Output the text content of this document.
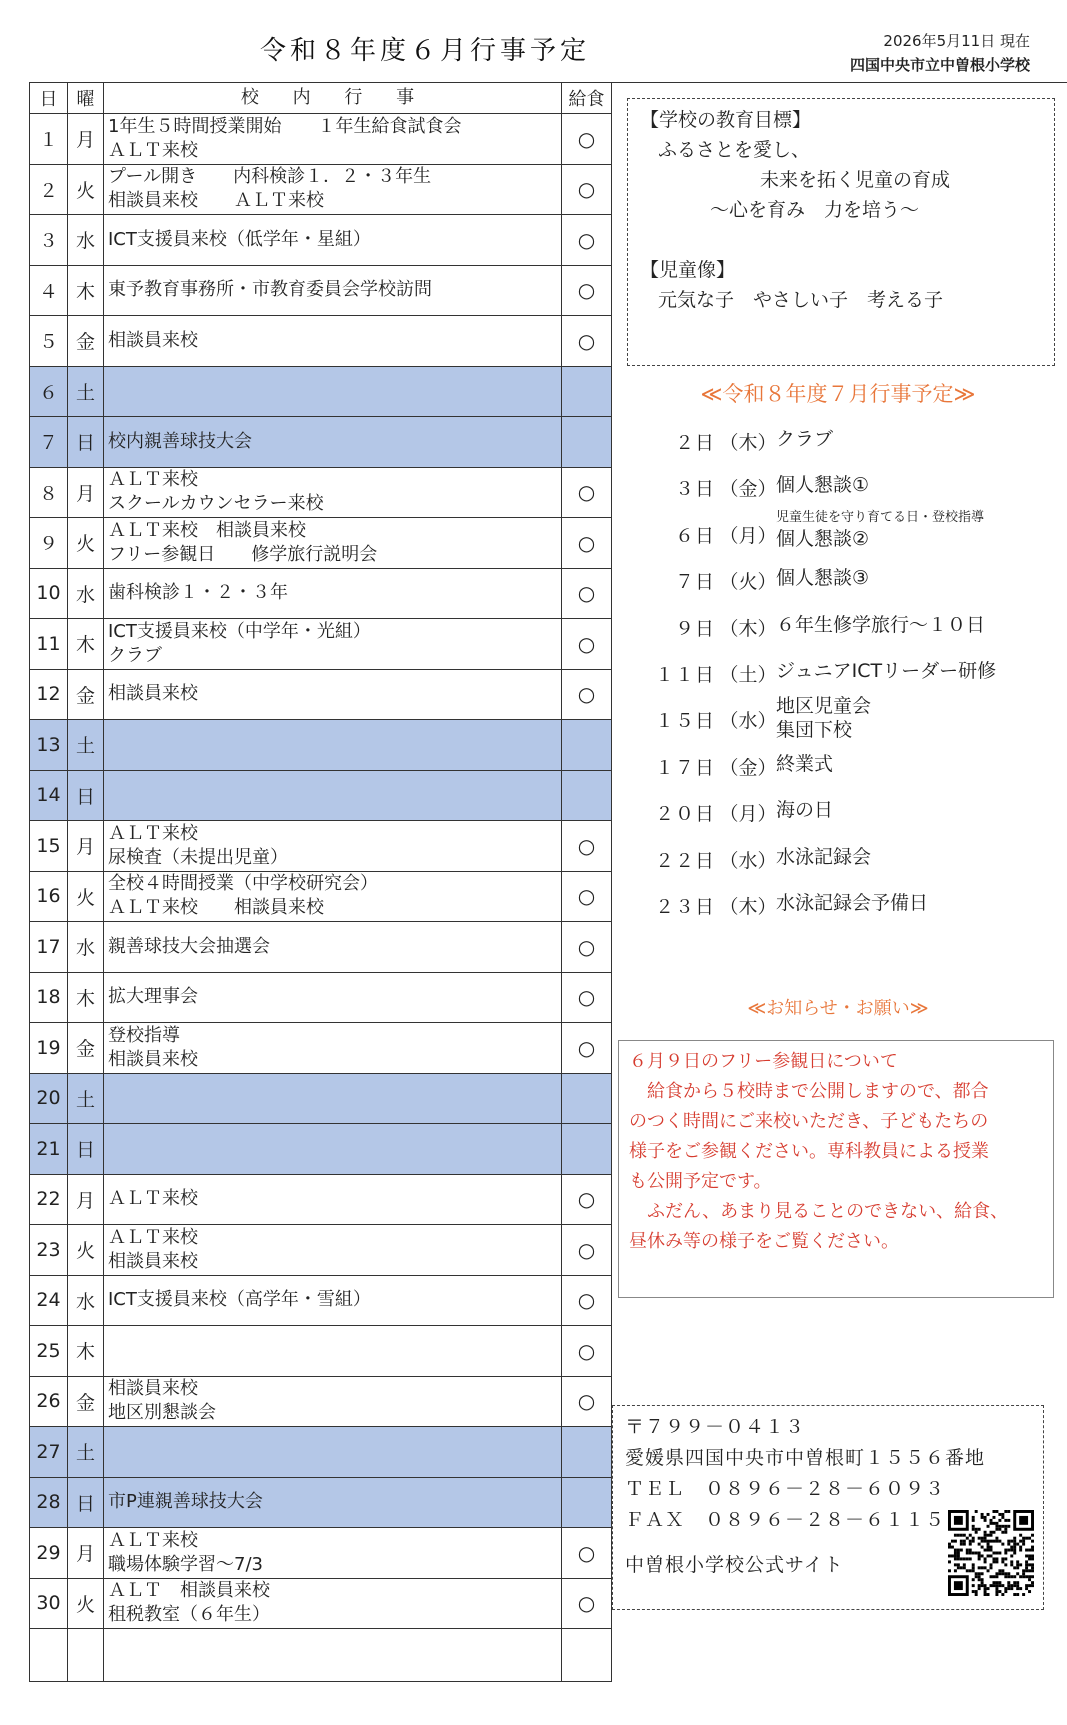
令和８年度６月行事予定	2026年5月11日 現在
四国中央市立中曽根小学校
日	曜	校 内 行 事	給食
１	月	1年生５時間授業開始　　１年生給食試食会
ＡＬＴ来校	○
２	火	プール開き　　内科検診１．２・３年生
相談員来校　　ＡＬＴ来校	○
３	水	ICT支援員来校（低学年・星組）	○
４	木	東予教育事務所・市教育委員会学校訪問	○
５	金	相談員来校	○
６	土		
７	日	校内親善球技大会	

８	月	ＡＬＴ来校
スクールカウンセラー来校	○
９	火	ＡＬＴ来校　相談員来校
フリー参観日　　修学旅行説明会	○
10	水	歯科検診１・２・３年	○
11	木	ICT支援員来校（中学年・光組）
クラブ	○
12	金	相談員来校	○
13	土		
14	日		
15	月	ＡＬＴ来校
尿検査（未提出児童）	○
16	火	全校４時間授業（中学校研究会）
ＡＬＴ来校　　相談員来校	○
17	水	親善球技大会抽選会	○
18	木	拡大理事会	○
19	金	登校指導
相談員来校	○
20	土		
21	日		
22	月	ＡＬＴ来校	○
23	火	ＡＬＴ来校
相談員来校	○
24	水	ICT支援員来校（高学年・雪組）	○
25	木		○
26	金	相談員来校
地区別懇談会	○
27	土		
28	日	市P連親善球技大会	

29	月	ＡＬＴ来校
職場体験学習～7/3	○
30	火	ＡＬＴ　相談員来校
租税教室（６年生）	○

【学校の教育目標】
ふるさとを愛し、
未来を拓く児童の育成
～心を育み　力を培う～
【児童像】
元気な子　やさしい子　考える子
≪令和８年度７月行事予定≫
２日 （木） クラブ
３日 （金） 個人懇談①
６日 （月）
児童生徒を守り育てる日・登校指導
個人懇談②
７日 （火） 個人懇談③
９日 （木） ６年生修学旅行～１０日
１１日 （土） ジュニアICTリーダー研修
１５日 （水）
地区児童会
集団下校
１７日 （金） 終業式
２０日 （月） 海の日
２２日 （水） 水泳記録会
２３日 （木） 水泳記録会予備日
≪お知らせ・お願い≫

６月９日のフリー参観日について

　給食から５校時まで公開しますので、都合
のつく時間にご来校いただき、子どもたちの
様子をご参観ください。専科教員による授業
も公開予定です。
　ふだん、あまり見ることのできない、給食、
昼休み等の様子をご覧ください。
〒７９９－０４１３
愛媛県四国中央市中曽根町１５５６番地
ＴＥＬ　０８９６－２８－６０９３
ＦＡＸ　０８９６－２８－６１１５
中曽根小学校公式サイト
